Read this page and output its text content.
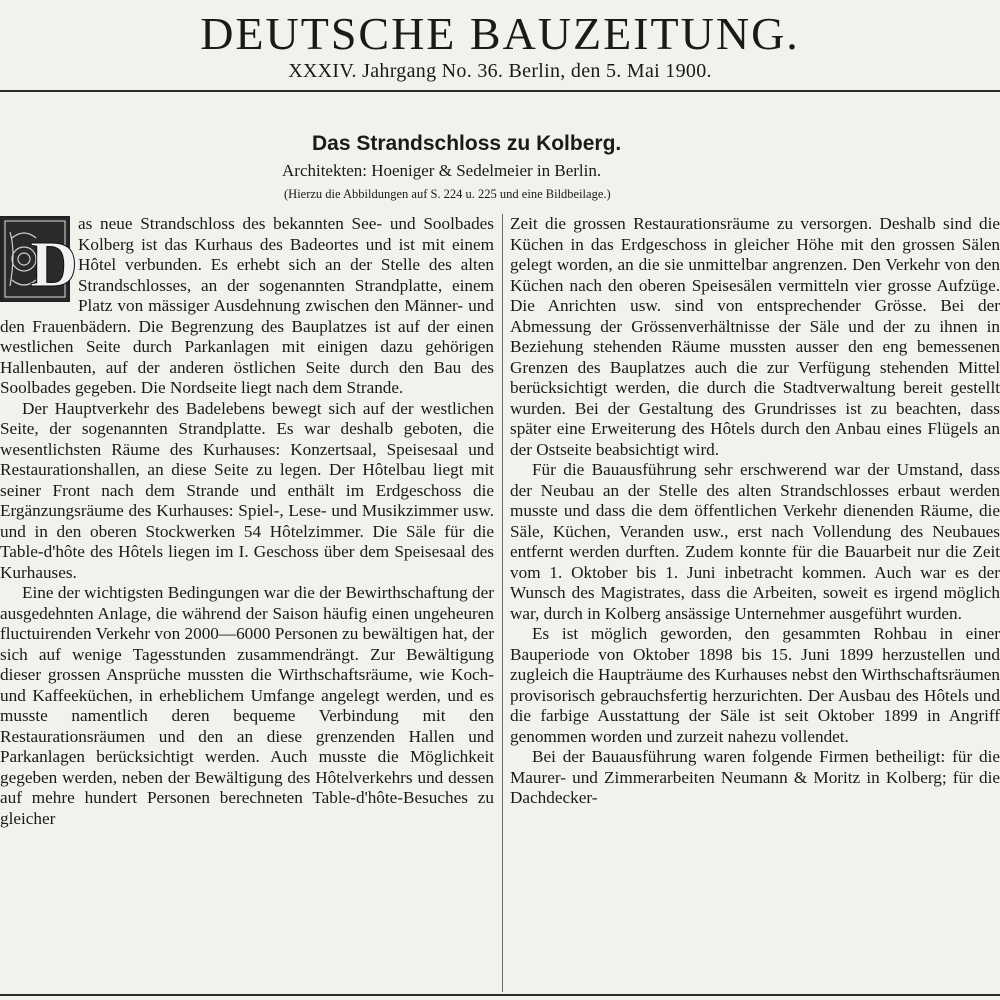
DEUTSCHE BAUZEITUNG.
XXXIV. Jahrgang No. 36. Berlin, den 5. Mai 1900.
Das Strandschloss zu Kolberg.
Architekten: Hoeniger & Sedelmeier in Berlin.
(Hierzu die Abbildungen auf S. 224 u. 225 und eine Bildbeilage.)

D
as neue Strandschloss des bekannten See- und Soolbades Kolberg ist das Kurhaus des Badeortes und ist mit einem Hôtel verbunden. Es erhebt sich an der Stelle des alten Strandschlosses, an der sogenannten Strandplatte, einem Platz von mässiger Ausdehnung zwischen den Männer- und den Frauenbädern. Die Begrenzung des Bauplatzes ist auf der einen westlichen Seite durch Parkanlagen mit einigen dazu gehörigen Hallenbauten, auf der anderen östlichen Seite durch den Bau des Soolbades gegeben. Die Nordseite liegt nach dem Strande.

Der Hauptverkehr des Badelebens bewegt sich auf der westlichen Seite, der sogenannten Strandplatte. Es war deshalb geboten, die wesentlichsten Räume des Kurhauses: Konzertsaal, Speisesaal und Restaurationshallen, an diese Seite zu legen. Der Hôtelbau liegt mit seiner Front nach dem Strande und enthält im Erdgeschoss die Ergänzungsräume des Kurhauses: Spiel-, Lese- und Musikzimmer usw. und in den oberen Stockwerken 54 Hôtelzimmer. Die Säle für die Table-d'hôte des Hôtels liegen im I. Geschoss über dem Speisesaal des Kurhauses.

Eine der wichtigsten Bedingungen war die der Bewirthschaftung der ausgedehnten Anlage, die während der Saison häufig einen ungeheuren fluctuirenden Verkehr von 2000—6000 Personen zu bewältigen hat, der sich auf wenige Tagesstunden zusammendrängt. Zur Bewältigung dieser grossen Ansprüche mussten die Wirthschaftsräume, wie Koch- und Kaffeeküchen, in erheblichem Umfange angelegt werden, und es musste namentlich deren bequeme Verbindung mit den Restaurationsräumen und den an diese grenzenden Hallen und Parkanlagen berücksichtigt werden. Auch musste die Möglichkeit gegeben werden, neben der Bewältigung des Hôtelverkehrs und dessen auf mehre hundert Personen berechneten Table-d'hôte-Besuches zu gleicher

Zeit die grossen Restaurationsräume zu versorgen. Deshalb sind die Küchen in das Erdgeschoss in gleicher Höhe mit den grossen Sälen gelegt worden, an die sie unmittelbar angrenzen. Den Verkehr von den Küchen nach den oberen Speisesälen vermitteln vier grosse Aufzüge. Die Anrichten usw. sind von entsprechender Grösse. Bei der Abmessung der Grössenverhältnisse der Säle und der zu ihnen in Beziehung stehenden Räume mussten ausser den eng bemessenen Grenzen des Bauplatzes auch die zur Verfügung stehenden Mittel berücksichtigt werden, die durch die Stadtverwaltung bereit gestellt wurden. Bei der Gestaltung des Grundrisses ist zu beachten, dass später eine Erweiterung des Hôtels durch den Anbau eines Flügels an der Ostseite beabsichtigt wird.

Für die Bauausführung sehr erschwerend war der Umstand, dass der Neubau an der Stelle des alten Strandschlosses erbaut werden musste und dass die dem öffentlichen Verkehr dienenden Räume, die Säle, Küchen, Veranden usw., erst nach Vollendung des Neubaues entfernt werden durften. Zudem konnte für die Bauarbeit nur die Zeit vom 1. Oktober bis 1. Juni inbetracht kommen. Auch war es der Wunsch des Magistrates, dass die Arbeiten, soweit es irgend möglich war, durch in Kolberg ansässige Unternehmer ausgeführt wurden.

Es ist möglich geworden, den gesammten Rohbau in einer Bauperiode von Oktober 1898 bis 15. Juni 1899 herzustellen und zugleich die Haupträume des Kurhauses nebst den Wirthschaftsräumen provisorisch gebrauchsfertig herzurichten. Der Ausbau des Hôtels und die farbige Ausstattung der Säle ist seit Oktober 1899 in Angriff genommen worden und zurzeit nahezu vollendet.

Bei der Bauausführung waren folgende Firmen betheiligt: für die Maurer- und Zimmerarbeiten Neumann & Moritz in Kolberg; für die Dachdecker-
